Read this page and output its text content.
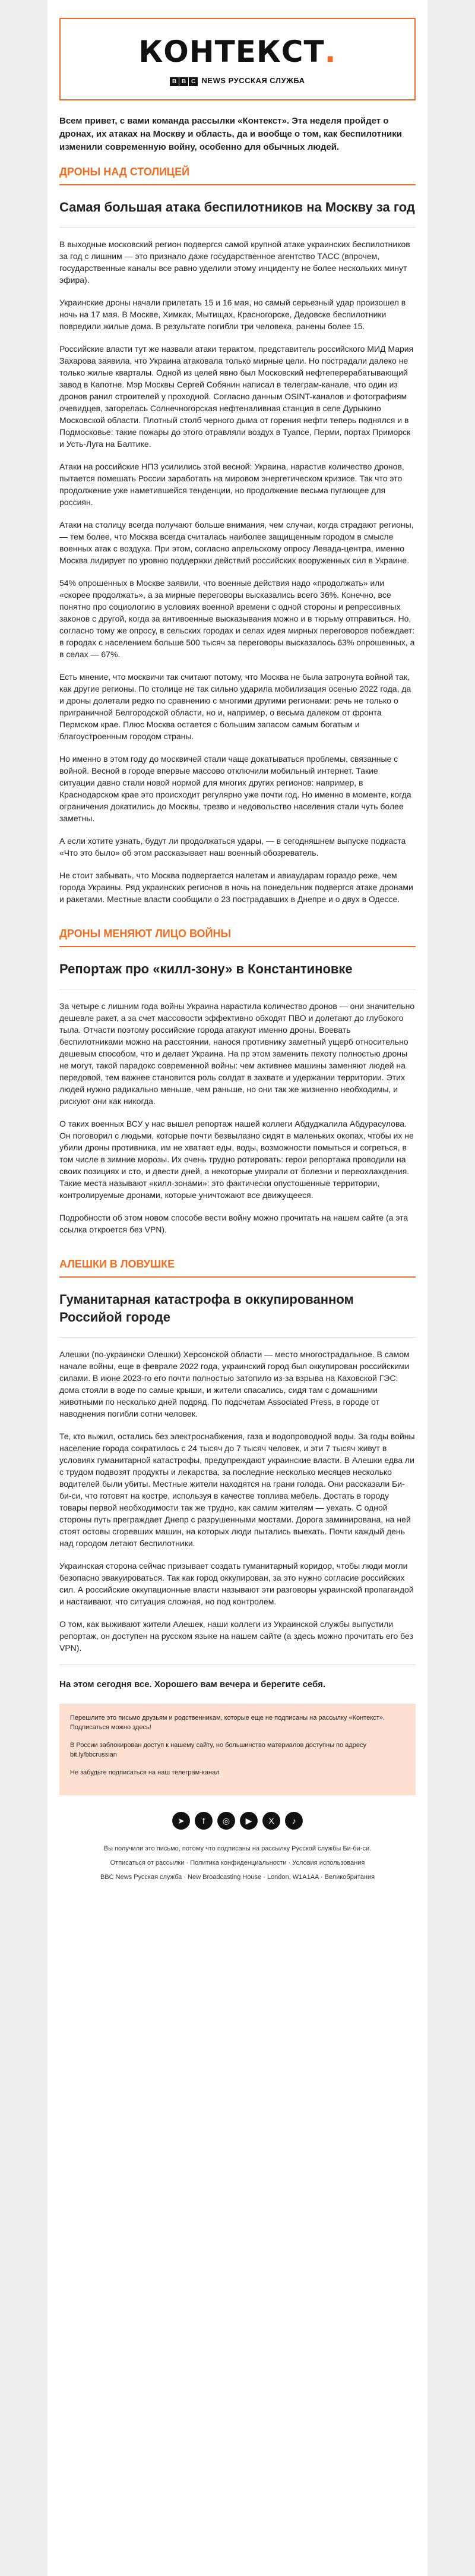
КОНТЕКСТ.
B B C NEWS РУССКАЯ СЛУЖБА
Всем привет, с вами команда рассылки «Контекст». Эта неделя пройдет о дронах, их атаках на Москву и область, да и вообще о том, как беспилотники изменили современную войну, особенно для обычных людей.
ДРОНЫ НАД СТОЛИЦЕЙ
Самая большая атака беспилотников на Москву за год
В выходные московский регион подвергся самой крупной атаке украинских беспилотников за год с лишним — это признало даже государственное агентство ТАСС (впрочем, государственные каналы все равно уделили этому инциденту не более нескольких минут эфира).
Украинские дроны начали прилетать 15 и 16 мая, но самый серьезный удар произошел в ночь на 17 мая. В Москве, Химках, Мытищах, Красногорске, Дедовске беспилотники повредили жилые дома. В результате погибли три человека, ранены более 15.
Российские власти тут же назвали атаки терактом, представитель российского МИД Мария Захарова заявила, что Украина атаковала только мирные цели. Но пострадали далеко не только жилые кварталы. Одной из целей явно был Московский нефтеперерабатывающий завод в Капотне. Мэр Москвы Сергей Собянин написал в телеграм-канале, что один из дронов ранил строителей у проходной. Согласно данным OSINT-каналов и фотографиям очевидцев, загорелась Солнечногорская нефтеналивная станция в селе Дурыкино Московской области. Плотный столб черного дыма от горения нефти теперь поднялся и в Подмосковье: такие пожары до этого отравляли воздух в Туапсе, Перми, портах Приморск и Усть-Луга на Балтике.
Атаки на российские НПЗ усилились этой весной: Украина, нарастив количество дронов, пытается помешать России заработать на мировом энергетическом кризисе. Так что это продолжение уже наметившейся тенденции, но продолжение весьма пугающее для россиян.
Атаки на столицу всегда получают больше внимания, чем случаи, когда страдают регионы, — тем более, что Москва всегда считалась наиболее защищенным городом в смысле военных атак с воздуха. При этом, согласно апрельскому опросу Левада-центра, именно Москва лидирует по уровню поддержки действий российских вооруженных сил в Украине.
54% опрошенных в Москве заявили, что военные действия надо «продолжать» или «скорее продолжать», а за мирные переговоры высказались всего 36%. Конечно, все понятно про социологию в условиях военной времени с одной стороны и репрессивных законов с другой, когда за антивоенные высказывания можно и в тюрьму отправиться. Но, согласно тому же опросу, в сельских городах и селах идея мирных переговоров побеждает: в городах с населением больше 500 тысяч за переговоры высказалось 63% опрошенных, а в селах — 67%.
Есть мнение, что москвичи так считают потому, что Москва не была затронута войной так, как другие регионы. По столице не так сильно ударила мобилизация осенью 2022 года, да и дроны долетали редко по сравнению с многими другими регионами: речь не только о приграничной Белгородской области, но и, например, о весьма далеком от фронта Пермском крае. Плюс Москва остается с большим запасом самым богатым и благоустроенным городом страны.
Но именно в этом году до москвичей стали чаще докатываться проблемы, связанные с войной. Весной в городе впервые массово отключили мобильный интернет. Такие ситуации давно стали новой нормой для многих других регионов: например, в Краснодарском крае это происходит регулярно уже почти год. Но именно в моменте, когда ограничения докатились до Москвы, трезво и недовольство населения стали чуть более заметны.
А если хотите узнать, будут ли продолжаться удары, — в сегодняшнем выпуске подкаста «Что это было» об этом рассказывает наш военный обозреватель.
Не стоит забывать, что Москва подвергается налетам и авиаударам гораздо реже, чем города Украины. Ряд украинских регионов в ночь на понедельник подвергся атаке дронами и ракетами. Местные власти сообщили о 23 пострадавших в Днепре и о двух в Одессе.
ДРОНЫ МЕНЯЮТ ЛИЦО ВОЙНЫ
Репортаж про «килл-зону» в Константиновке
За четыре с лишним года войны Украина нарастила количество дронов — они значительно дешевле ракет, а за счет массовости эффективно обходят ПВО и долетают до глубокого тыла. Отчасти поэтому российские города атакуют именно дроны. Воевать беспилотниками можно на расстоянии, нанося противнику заметный ущерб относительно дешевым способом, что и делает Украина. На пр этом заменить пехоту полностью дроны не могут, такой парадокс современной войны: чем активнее машины заменяют людей на передовой, тем важнее становится роль солдат в захвате и удержании территории. Этих людей нужно радикально меньше, чем раньше, но они так же жизненно необходимы, и рискуют они как никогда.
О таких военных ВСУ у нас вышел репортаж нашей коллеги Абдуджалила Абдурасулова. Он поговорил с людьми, которые почти безвылазно сидят в маленьких окопах, чтобы их не убили дроны противника, им не хватает еды, воды, возможности помыться и согреться, в том числе в зимние морозы. Их очень трудно ротировать: герои репортажа проводили на своих позициях и сто, и двести дней, а некоторые умирали от болезни и переохлаждения. Такие места называют «килл-зонами»: это фактически опустошенные территории, контролируемые дронами, которые уничтожают все движущееся.
Подробности об этом новом способе вести войну можно прочитать на нашем сайте (а эта ссылка откроется без VPN).
АЛЕШКИ В ЛОВУШКЕ
Гуманитарная катастрофа в оккупированном Российой городе
Алешки (по-украински Олешки) Херсонской области — место многострадальное. В самом начале войны, еще в феврале 2022 года, украинский город был оккупирован российскими силами. В июне 2023-го его почти полностью затопило из-за взрыва на Каховской ГЭС: дома стояли в воде по самые крыши, и жители спасались, сидя там с домашними животными по несколько дней подряд. По подсчетам Associated Press, в городе от наводнения погибли сотни человек.
Те, кто выжил, остались без электроснабжения, газа и водопроводной воды. За годы войны население города сократилось с 24 тысяч до 7 тысяч человек, и эти 7 тысяч живут в условиях гуманитарной катастрофы, предупреждают украинские власти. В Алешки едва ли с трудом подвозят продукты и лекарства, за последние несколько месяцев несколько водителей были убиты. Местные жители находятся на грани голода. Они рассказали Би-би-си, что готовят на костре, используя в качестве топлива мебель. Достать в городу товары первой необходимости так же трудно, как самим жителям — уехать. С одной стороны путь преграждает Днепр с разрушенными мостами. Дорога заминирована, на ней стоят остовы сгоревших машин, на которых люди пытались выехать. Почти каждый день над городом летают беспилотники.
Украинская сторона сейчас призывает создать гуманитарный коридор, чтобы люди могли безопасно эвакуироваться. Так как город оккупирован, за это нужно согласие российских сил. А российские оккупационные власти называют эти разговоры украинской пропагандой и настаивают, что ситуация сложная, но под контролем.
О том, как выживают жители Алешек, наши коллеги из Украинской службы выпустили репортаж, он доступен на русском языке на нашем сайте (а здесь можно прочитать его без VPN).
На этом сегодня все. Хорошего вам вечера и берегите себя.

Перешлите это письмо друзьям и родственникам, которые еще не подписаны на рассылку «Контекст». Подписаться можно здесь!

В России заблокирован доступ к нашему сайту, но большинство материалов доступны по адресу bit.ly/bbcrussian

Не забудьте подписаться на наш телеграм-канал

➤	f	◎	▶	X	♪
Вы получили это письмо, потому что подписаны на рассылку Русской службы Би-би-си.
Отписаться от рассылки · Политика конфиденциальности · Условия использования
BBC News Русская служба · New Broadcasting House · London, W1A1AA · Великобритания
